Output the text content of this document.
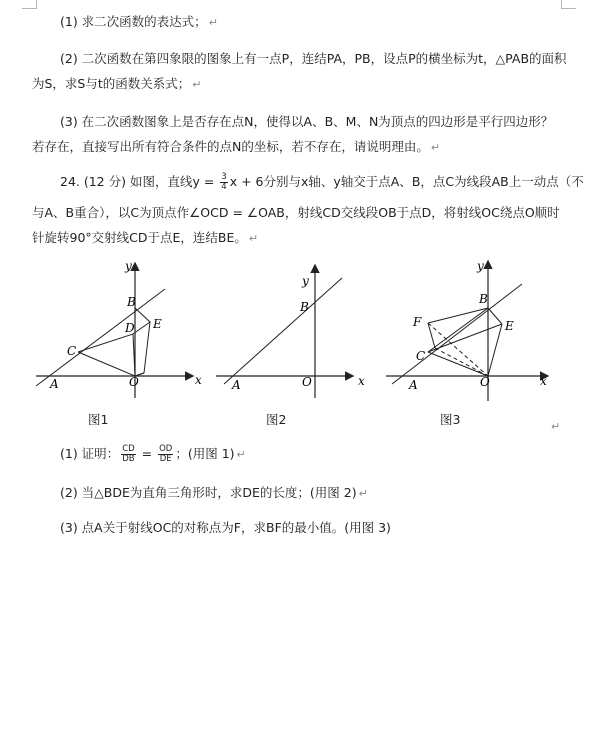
(1) 求二次函数的表达式； ↵
(2) 二次函数在第四象限的图象上有一点P，连结PA，PB，设点P的横坐标为t，△PAB的面积
为S，求S与t的函数关系式； ↵
(3) 在二次函数图象上是否存在点N，使得以A、B、M、N为顶点的四边形是平行四边形？
若存在，直接写出所有符合条件的点N的坐标，若不存在，请说明理由。 ↵
24. (12 分) 如图，直线$y = \frac{3}{4}$ x + 6分别与x轴、y轴交于点A、B，点C为线段AB上一动点（不
与A、B重合），以C为顶点作∠OCD = ∠OAB，射线CD交线段OB于点D，将射线OC绕点O顺时
针旋转90°交射线CD于点E，连结BE。 ↵
y
x
A	O
B
C
D E
图1
y
x
A	O
B
图2
y
x
A	O
B
C
E
F
图3	↵
(1) 证明： $\frac{CD}{DB} = \frac{OD}{DE}$ ；(用图 1) ↵
(2) 当△BDE为直角三角形时，求DE的长度；(用图 2) ↵
(3) 点A关于射线OC的对称点为F，求BF的最小值。(用图 3)
